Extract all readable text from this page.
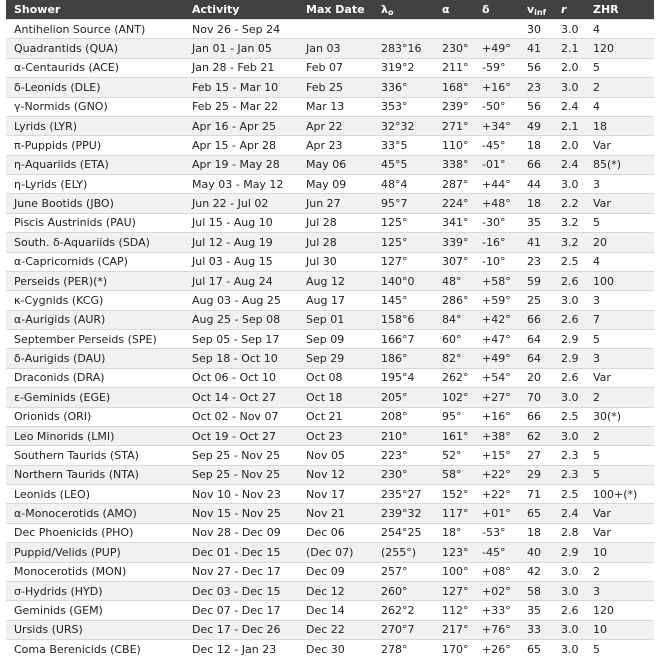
Shower	Activity	Max Date	$\lambda_o$	α	δ	$v_{inf}$	r	ZHR
Antihelion Source (ANT)	Nov 26 - Sep 24					30	3.0	4
Quadrantids (QUA)	Jan 01 - Jan 05	Jan 03	283°16	230°	+49°	41	2.1	120
α-Centaurids (ACE)	Jan 28 - Feb 21	Feb 07	319°2	211°	-59°	56	2.0	5
δ-Leonids (DLE)	Feb 15 - Mar 10	Feb 25	336°	168°	+16°	23	3.0	2
γ-Normids (GNO)	Feb 25 - Mar 22	Mar 13	353°	239°	-50°	56	2.4	4
Lyrids (LYR)	Apr 16 - Apr 25	Apr 22	32°32	271°	+34°	49	2.1	18
π-Puppids (PPU)	Apr 15 - Apr 28	Apr 23	33°5	110°	-45°	18	2.0	Var
η-Aquariids (ETA)	Apr 19 - May 28	May 06	45°5	338°	-01°	66	2.4	85(*)
η-Lyrids (ELY)	May 03 - May 12	May 09	48°4	287°	+44°	44	3.0	3
June Bootids (JBO)	Jun 22 - Jul 02	Jun 27	95°7	224°	+48°	18	2.2	Var
Piscis Austrinids (PAU)	Jul 15 - Aug 10	Jul 28	125°	341°	-30°	35	3.2	5
South. δ-Aquariids (SDA)	Jul 12 - Aug 19	Jul 28	125°	339°	-16°	41	3.2	20
α-Capricornids (CAP)	Jul 03 - Aug 15	Jul 30	127°	307°	-10°	23	2.5	4
Perseids (PER)(*)	Jul 17 - Aug 24	Aug 12	140°0	48°	+58°	59	2.6	100
κ-Cygnids (KCG)	Aug 03 - Aug 25	Aug 17	145°	286°	+59°	25	3.0	3
α-Aurigids (AUR)	Aug 25 - Sep 08	Sep 01	158°6	84°	+42°	66	2.6	7
September Perseids (SPE)	Sep 05 - Sep 17	Sep 09	166°7	60°	+47°	64	2.9	5
δ-Aurigids (DAU)	Sep 18 - Oct 10	Sep 29	186°	82°	+49°	64	2.9	3
Draconids (DRA)	Oct 06 - Oct 10	Oct 08	195°4	262°	+54°	20	2.6	Var
ε-Geminids (EGE)	Oct 14 - Oct 27	Oct 18	205°	102°	+27°	70	3.0	2
Orionids (ORI)	Oct 02 - Nov 07	Oct 21	208°	95°	+16°	66	2.5	30(*)
Leo Minorids (LMI)	Oct 19 - Oct 27	Oct 23	210°	161°	+38°	62	3.0	2
Southern Taurids (STA)	Sep 25 - Nov 25	Nov 05	223°	52°	+15°	27	2.3	5
Northern Taurids (NTA)	Sep 25 - Nov 25	Nov 12	230°	58°	+22°	29	2.3	5
Leonids (LEO)	Nov 10 - Nov 23	Nov 17	235°27	152°	+22°	71	2.5	100+(*)
α-Monocerotids (AMO)	Nov 15 - Nov 25	Nov 21	239°32	117°	+01°	65	2.4	Var
Dec Phoenicids (PHO)	Nov 28 - Dec 09	Dec 06	254°25	18°	-53°	18	2.8	Var
Puppid/Velids (PUP)	Dec 01 - Dec 15	(Dec 07)	(255°)	123°	-45°	40	2.9	10
Monocerotids (MON)	Nov 27 - Dec 17	Dec 09	257°	100°	+08°	42	3.0	2
σ-Hydrids (HYD)	Dec 03 - Dec 15	Dec 12	260°	127°	+02°	58	3.0	3
Geminids (GEM)	Dec 07 - Dec 17	Dec 14	262°2	112°	+33°	35	2.6	120
Ursids (URS)	Dec 17 - Dec 26	Dec 22	270°7	217°	+76°	33	3.0	10
Coma Berenicids (CBE)	Dec 12 - Jan 23	Dec 30	278°	170°	+26°	65	3.0	5
